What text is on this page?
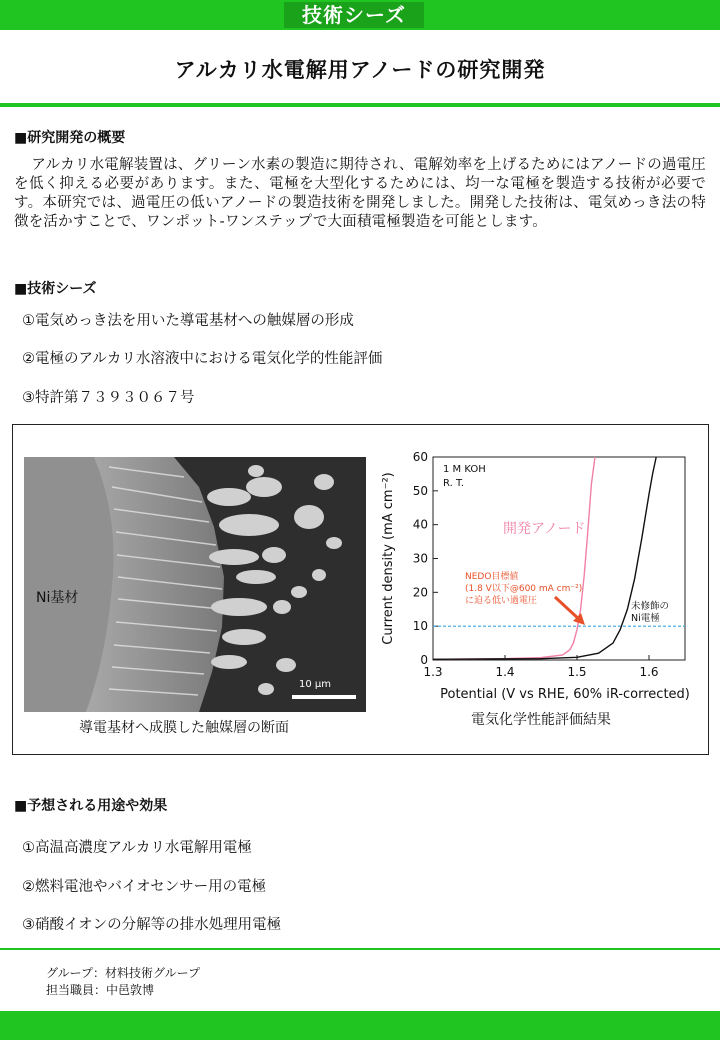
技術シーズ
アルカリ水電解用アノードの研究開発
■研究開発の概要
アルカリ水電解装置は、グリーン水素の製造に期待され、電解効率を上げるためにはアノードの過電圧を低く抑える必要があります。また、電極を大型化するためには、均一な電極を製造する技術が必要です。本研究では、過電圧の低いアノードの製造技術を開発しました。開発した技術は、電気めっき法の特徴を活かすことで、ワンポット-ワンステップで大面積電極製造を可能とします。
■技術シーズ
①電気めっき法を用いた導電基材への触媒層の形成
②電極のアルカリ水溶液中における電気化学的性能評価
③特許第７３９３０６７号
Ni基材
10 μm
導電基材へ成膜した触媒層の断面
1.3	1.4	1.5	1.6
0
10
20
30
40
50
60
Potential (V vs RHE, 60% iR-corrected)
Current density (mA cm⁻²)
1 M KOH
R. T.
開発アノード
未修飾の
Ni電極
NEDO目標値
(1.8 V以下@600 mA cm⁻²)
に迫る低い過電圧
電気化学性能評価結果
■予想される用途や効果
①高温高濃度アルカリ水電解用電極
②燃料電池やバイオセンサー用の電極
③硝酸イオンの分解等の排水処理用電極
グループ：材料技術グループ
担当職員：中邑敦博
